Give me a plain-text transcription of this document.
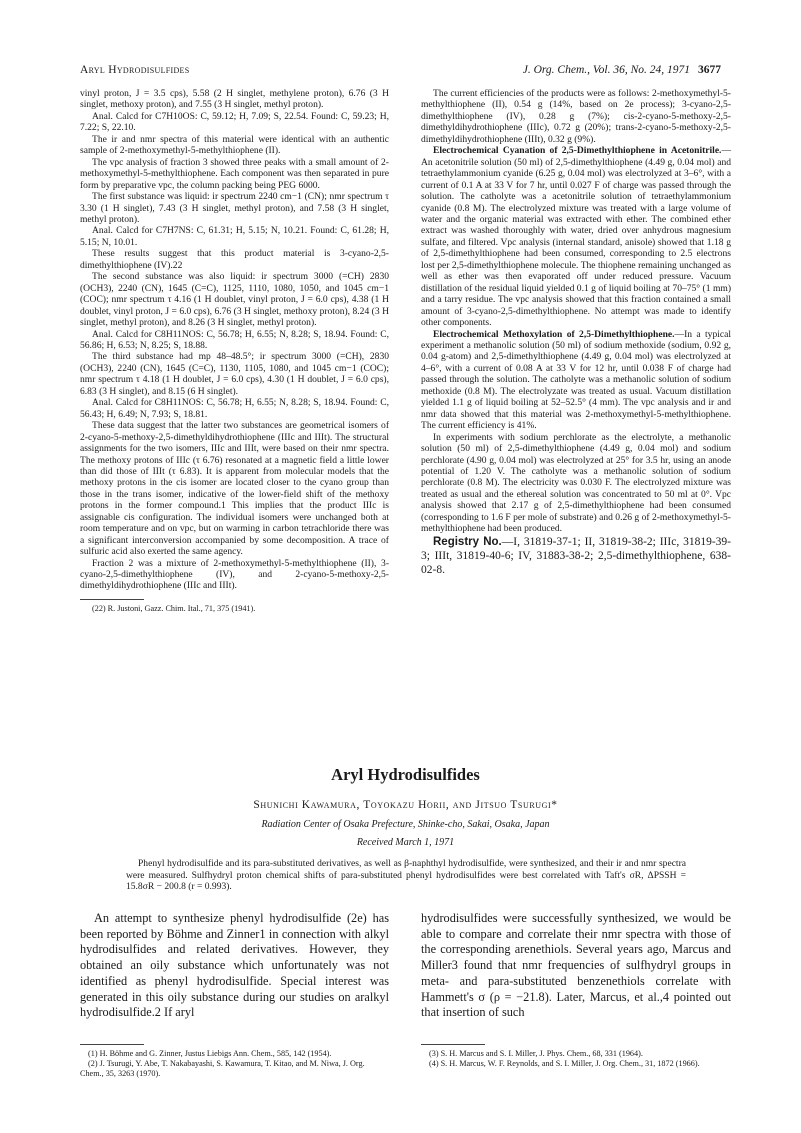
Aryl Hydrodisulfides	J. Org. Chem., Vol. 36, No. 24, 1971 3677

vinyl proton, J = 3.5 cps), 5.58 (2 H singlet, methylene proton), 6.76 (3 H singlet, methoxy proton), and 7.55 (3 H singlet, methyl proton).

Anal. Calcd for C7H10OS: C, 59.12; H, 7.09; S, 22.54. Found: C, 59.23; H, 7.22; S, 22.10.

The ir and nmr spectra of this material were identical with an authentic sample of 2-methoxymethyl-5-methylthiophene (II).

The vpc analysis of fraction 3 showed three peaks with a small amount of 2-methoxymethyl-5-methylthiophene. Each component was then separated in pure form by preparative vpc, the column packing being PEG 6000.

The first substance was liquid: ir spectrum 2240 cm−1 (CN); nmr spectrum τ 3.30 (1 H singlet), 7.43 (3 H singlet, methyl proton), and 7.58 (3 H singlet, methyl proton).

Anal. Calcd for C7H7NS: C, 61.31; H, 5.15; N, 10.21. Found: C, 61.28; H, 5.15; N, 10.01.

These results suggest that this product material is 3-cyano-2,5-dimethylthiophene (IV).22

The second substance was also liquid: ir spectrum 3000 (=CH) 2830 (OCH3), 2240 (CN), 1645 (C=C), 1125, 1110, 1080, 1050, and 1045 cm−1 (COC); nmr spectrum τ 4.16 (1 H doublet, vinyl proton, J = 6.0 cps), 4.38 (1 H doublet, vinyl proton, J = 6.0 cps), 6.76 (3 H singlet, methoxy proton), 8.24 (3 H singlet, methyl proton), and 8.26 (3 H singlet, methyl proton).

Anal. Calcd for C8H11NOS: C, 56.78; H, 6.55; N, 8.28; S, 18.94. Found: C, 56.86; H, 6.53; N, 8.25; S, 18.88.

The third substance had mp 48–48.5°; ir spectrum 3000 (=CH), 2830 (OCH3), 2240 (CN), 1645 (C=C), 1130, 1105, 1080, and 1045 cm−1 (COC); nmr spectrum τ 4.18 (1 H doublet, J = 6.0 cps), 4.30 (1 H doublet, J = 6.0 cps), 6.83 (3 H singlet), and 8.15 (6 H singlet).

Anal. Calcd for C8H11NOS: C, 56.78; H, 6.55; N, 8.28; S, 18.94. Found: C, 56.43; H, 6.49; N, 7.93; S, 18.81.

These data suggest that the latter two substances are geometrical isomers of 2-cyano-5-methoxy-2,5-dimethyldihydrothiophene (IIIc and IIIt). The structural assignments for the two isomers, IIIc and IIIt, were based on their nmr spectra. The methoxy protons of IIIc (τ 6.76) resonated at a magnetic field a little lower than did those of IIIt (τ 6.83). It is apparent from molecular models that the methoxy protons in the cis isomer are located closer to the cyano group than those in the trans isomer, indicative of the lower-field shift of the methoxy protons in the former compound.1 This implies that the product IIIc is assignable cis configuration. The individual isomers were unchanged both at room temperature and on vpc, but on warming in carbon tetrachloride there was a significant interconversion accompanied by some decomposition. A trace of sulfuric acid also exerted the same agency.

Fraction 2 was a mixture of 2-methoxymethyl-5-methylthiophene (II), 3-cyano-2,5-dimethylthiophene (IV), and 2-cyano-5-methoxy-2,5-dimethyldihydrothiophene (IIIc and IIIt).

(22) R. Justoni, Gazz. Chim. Ital., 71, 375 (1941).

The current efficiencies of the products were as follows: 2-methoxymethyl-5-methylthiophene (II), 0.54 g (14%, based on 2e process); 3-cyano-2,5-dimethylthiophene (IV), 0.28 g (7%); cis-2-cyano-5-methoxy-2,5-dimethyldihydrothiophene (IIIc), 0.72 g (20%); trans-2-cyano-5-methoxy-2,5-dimethyldihydrothiophene (IIIt), 0.32 g (9%).

Electrochemical Cyanation of 2,5-Dimethylthiophene in Acetonitrile.—An acetonitrile solution (50 ml) of 2,5-dimethylthiophene (4.49 g, 0.04 mol) and tetraethylammonium cyanide (6.25 g, 0.04 mol) was electrolyzed at 3–6°, with a current of 0.1 A at 33 V for 7 hr, until 0.027 F of charge was passed through the solution. The catholyte was a acetonitrile solution of tetraethylammonium cyanide (0.8 M). The electrolyzed mixture was treated with a large volume of water and the organic material was extracted with ether. The combined ether extract was washed thoroughly with water, dried over anhydrous magnesium sulfate, and filtered. Vpc analysis (internal standard, anisole) showed that 1.18 g of 2,5-dimethylthiophene had been consumed, corresponding to 2.5 electrons lost per 2,5-dimethylthiophene molecule. The thiophene remaining unchanged as well as ether was then evaporated off under reduced pressure. Vacuum distillation of the residual liquid yielded 0.1 g of liquid boiling at 70–75° (1 mm) and a tarry residue. The vpc analysis showed that this fraction contained a small amount of 3-cyano-2,5-dimethylthiophene. No attempt was made to identify other components.

Electrochemical Methoxylation of 2,5-Dimethylthiophene.—In a typical experiment a methanolic solution (50 ml) of sodium methoxide (sodium, 0.92 g, 0.04 g-atom) and 2,5-dimethylthiophene (4.49 g, 0.04 mol) was electrolyzed at 4–6°, with a current of 0.08 A at 33 V for 12 hr, until 0.038 F of charge had passed through the solution. The catholyte was a methanolic solution of sodium methoxide (0.8 M). The electrolyzate was treated as usual. Vacuum distillation yielded 1.1 g of liquid boiling at 52–52.5° (4 mm). The vpc analysis and ir and nmr data showed that this material was 2-methoxymethyl-5-methylthiophene. The current efficiency is 41%.

In experiments with sodium perchlorate as the electrolyte, a methanolic solution (50 ml) of 2,5-dimethylthiophene (4.49 g, 0.04 mol) and sodium perchlorate (4.90 g, 0.04 mol) was electrolyzed at 25° for 3.5 hr, using an anode potential of 1.20 V. The catholyte was a methanolic solution of sodium perchlorate (0.8 M). The electricity was 0.030 F. The electrolyzed mixture was treated as usual and the ethereal solution was concentrated to 50 ml at 0°. Vpc analysis showed that 2.17 g of 2,5-dimethylthiophene had been consumed (corresponding to 1.6 F per mole of substrate) and 0.26 g of 2-methoxymethyl-5-methylthiophene had been produced.

Registry No.—I, 31819-37-1; II, 31819-38-2; IIIc, 31819-39-3; IIIt, 31819-40-6; IV, 31883-38-2; 2,5-dimethylthiophene, 638-02-8.

Aryl Hydrodisulfides
Shunichi Kawamura, Toyokazu Horii, and Jitsuo Tsurugi*
Radiation Center of Osaka Prefecture, Shinke-cho, Sakai, Osaka, Japan
Received March 1, 1971
Phenyl hydrodisulfide and its para-substituted derivatives, as well as β-naphthyl hydrodisulfide, were synthesized, and their ir and nmr spectra were measured. Sulfhydryl proton chemical shifts of para-substituted phenyl hydrodisulfides were best correlated with Taft's σR, ΔPSSH = 15.8σR − 200.8 (r = 0.993).

An attempt to synthesize phenyl hydrodisulfide (2e) has been reported by Böhme and Zinner1 in connection with alkyl hydrodisulfides and related derivatives. However, they obtained an oily substance which unfortunately was not identified as phenyl hydrodisulfide. Special interest was generated in this oily substance during our studies on aralkyl hydrodisulfide.2 If aryl

hydrodisulfides were successfully synthesized, we would be able to compare and correlate their nmr spectra with those of the corresponding arenethiols. Several years ago, Marcus and Miller3 found that nmr frequencies of sulfhydryl groups in meta- and para-substituted benzenethiols correlate with Hammett's σ (ρ = −21.8). Later, Marcus, et al.,4 pointed out that insertion of such

(1) H. Böhme and G. Zinner, Justus Liebigs Ann. Chem., 585, 142 (1954).

(2) J. Tsurugi, Y. Abe, T. Nakabayashi, S. Kawamura, T. Kitao, and M. Niwa, J. Org. Chem., 35, 3263 (1970).

(3) S. H. Marcus and S. I. Miller, J. Phys. Chem., 68, 331 (1964).

(4) S. H. Marcus, W. F. Reynolds, and S. I. Miller, J. Org. Chem., 31, 1872 (1966).
